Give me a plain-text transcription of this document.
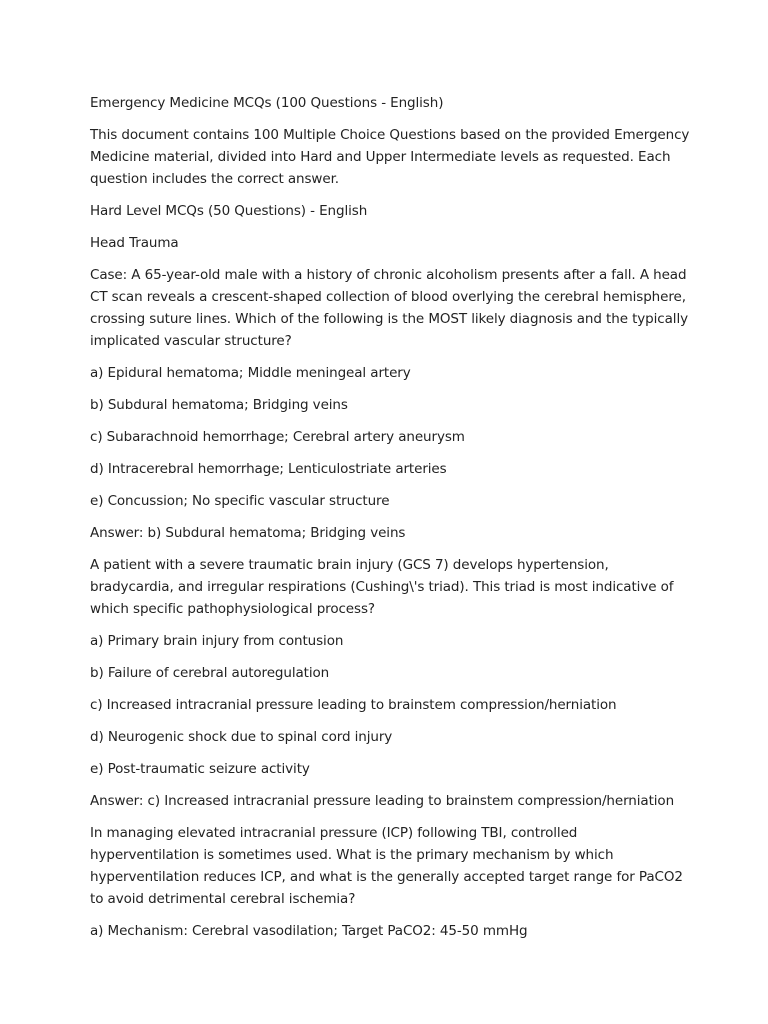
Emergency Medicine MCQs (100 Questions - English)

This document contains 100 Multiple Choice Questions based on the provided Emergency Medicine material, divided into Hard and Upper Intermediate levels as requested. Each question includes the correct answer.

Hard Level MCQs (50 Questions) - English

Head Trauma

Case: A 65-year-old male with a history of chronic alcoholism presents after a fall. A head CT scan reveals a crescent-shaped collection of blood overlying the cerebral hemisphere, crossing suture lines. Which of the following is the MOST likely diagnosis and the typically implicated vascular structure?

a) Epidural hematoma; Middle meningeal artery

b) Subdural hematoma; Bridging veins

c) Subarachnoid hemorrhage; Cerebral artery aneurysm

d) Intracerebral hemorrhage; Lenticulostriate arteries

e) Concussion; No specific vascular structure

Answer: b) Subdural hematoma; Bridging veins

A patient with a severe traumatic brain injury (GCS 7) develops hypertension, bradycardia, and irregular respirations (Cushing\'s triad). This triad is most indicative of which specific pathophysiological process?

a) Primary brain injury from contusion

b) Failure of cerebral autoregulation

c) Increased intracranial pressure leading to brainstem compression/herniation

d) Neurogenic shock due to spinal cord injury

e) Post-traumatic seizure activity

Answer: c) Increased intracranial pressure leading to brainstem compression/herniation

In managing elevated intracranial pressure (ICP) following TBI, controlled hyperventilation is sometimes used. What is the primary mechanism by which hyperventilation reduces ICP, and what is the generally accepted target range for PaCO2 to avoid detrimental cerebral ischemia?

a) Mechanism: Cerebral vasodilation; Target PaCO2: 45-50 mmHg
